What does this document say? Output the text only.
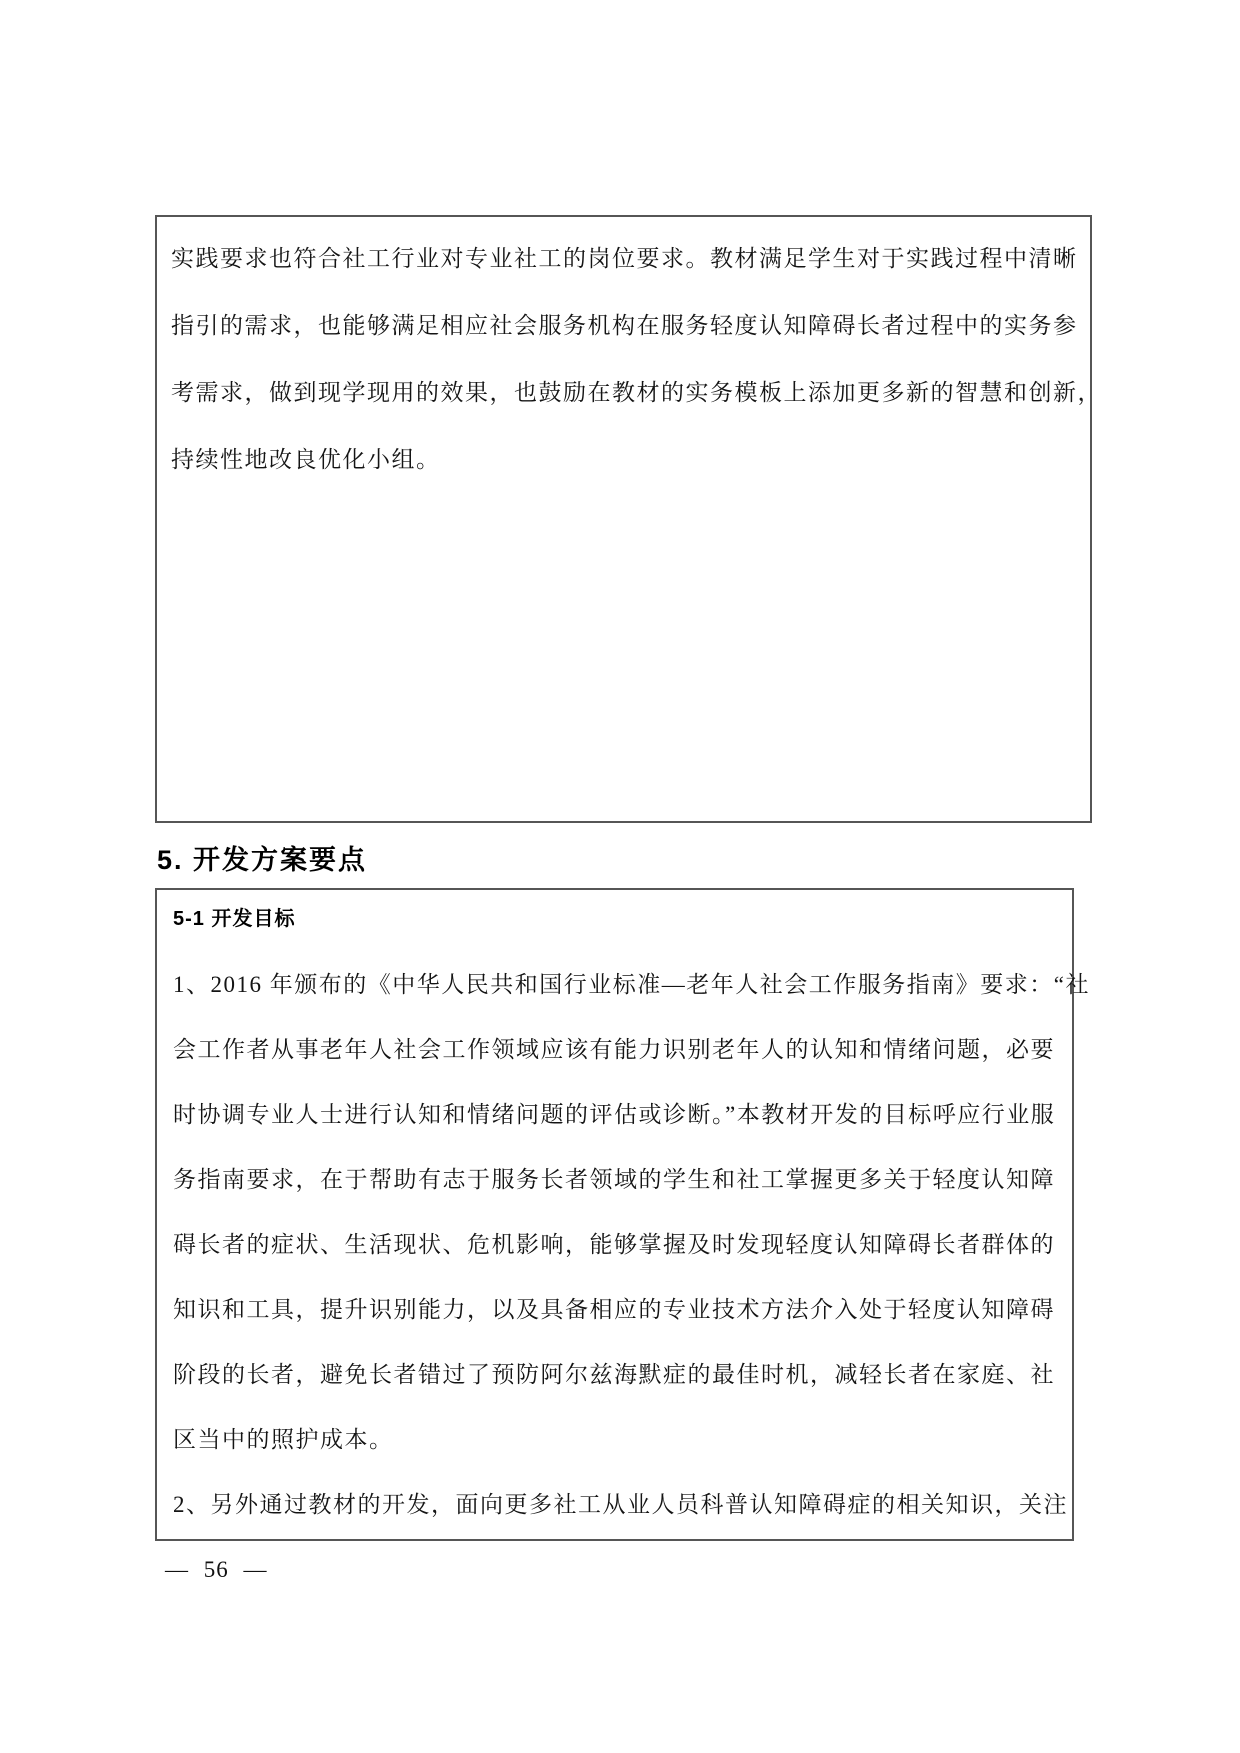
实践要求也符合社工行业对专业社工的岗位要求。教材满足学生对于实践过程中清晰
指引的需求，也能够满足相应社会服务机构在服务轻度认知障碍长者过程中的实务参
考需求，做到现学现用的效果，也鼓励在教材的实务模板上添加更多新的智慧和创新，
持续性地改良优化小组。
5. 开发方案要点
5-1 开发目标
1、2016 年颁布的《中华人民共和国行业标准—老年人社会工作服务指南》要求：“社
会工作者从事老年人社会工作领域应该有能力识别老年人的认知和情绪问题，必要
时协调专业人士进行认知和情绪问题的评估或诊断。”本教材开发的目标呼应行业服
务指南要求，在于帮助有志于服务长者领域的学生和社工掌握更多关于轻度认知障
碍长者的症状、生活现状、危机影响，能够掌握及时发现轻度认知障碍长者群体的
知识和工具，提升识别能力，以及具备相应的专业技术方法介入处于轻度认知障碍
阶段的长者，避免长者错过了预防阿尔兹海默症的最佳时机，减轻长者在家庭、社
区当中的照护成本。
2、另外通过教材的开发，面向更多社工从业人员科普认知障碍症的相关知识，关注
— 56 —
